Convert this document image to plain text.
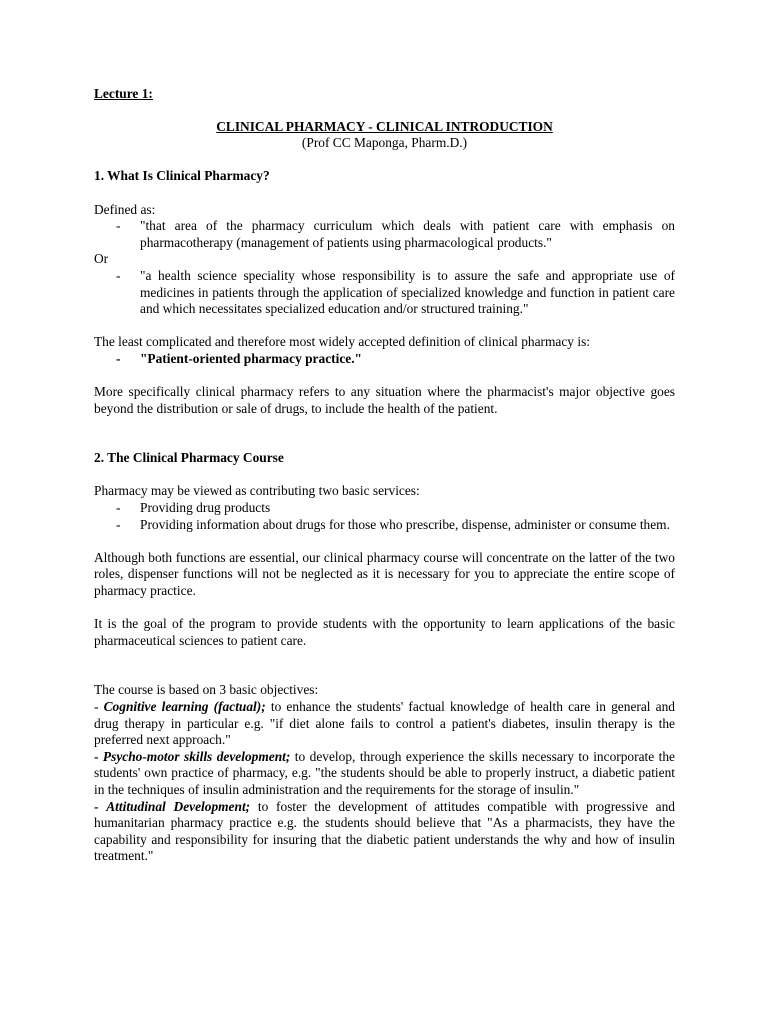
Lecture 1:

CLINICAL PHARMACY - CLINICAL INTRODUCTION

(Prof CC Maponga, Pharm.D.)

1. What Is Clinical Pharmacy?

Defined as:

- "that area of the pharmacy curriculum which deals with patient care with emphasis on pharmacotherapy (management of patients using pharmacological products."

Or

- "a health science speciality whose responsibility is to assure the safe and appropriate use of medicines in patients through the application of specialized knowledge and function in patient care and which necessitates specialized education and/or structured training."

The least complicated and therefore most widely accepted definition of clinical pharmacy is:

- "Patient-oriented pharmacy practice."

More specifically clinical pharmacy refers to any situation where the pharmacist's major objective goes beyond the distribution or sale of drugs, to include the health of the patient.

2. The Clinical Pharmacy Course

Pharmacy may be viewed as contributing two basic services:

- Providing drug products
- Providing information about drugs for those who prescribe, dispense, administer or consume them.

Although both functions are essential, our clinical pharmacy course will concentrate on the latter of the two roles, dispenser functions will not be neglected as it is necessary for you to appreciate the entire scope of pharmacy practice.

It is the goal of the program to provide students with the opportunity to learn applications of the basic pharmaceutical sciences to patient care.

The course is based on 3 basic objectives:

- Cognitive learning (factual); to enhance the students' factual knowledge of health care in general and drug therapy in particular e.g. "if diet alone fails to control a patient's diabetes, insulin therapy is the preferred next approach."

- Psycho-motor skills development; to develop, through experience the skills necessary to incorporate the students' own practice of pharmacy, e.g. "the students should be able to properly instruct, a diabetic patient in the techniques of insulin administration and the requirements for the storage of insulin."

- Attitudinal Development; to foster the development of attitudes compatible with progressive and humanitarian pharmacy practice e.g. the students should believe that "As a pharmacists, they have the capability and responsibility for insuring that the diabetic patient understands the why and how of insulin treatment."
